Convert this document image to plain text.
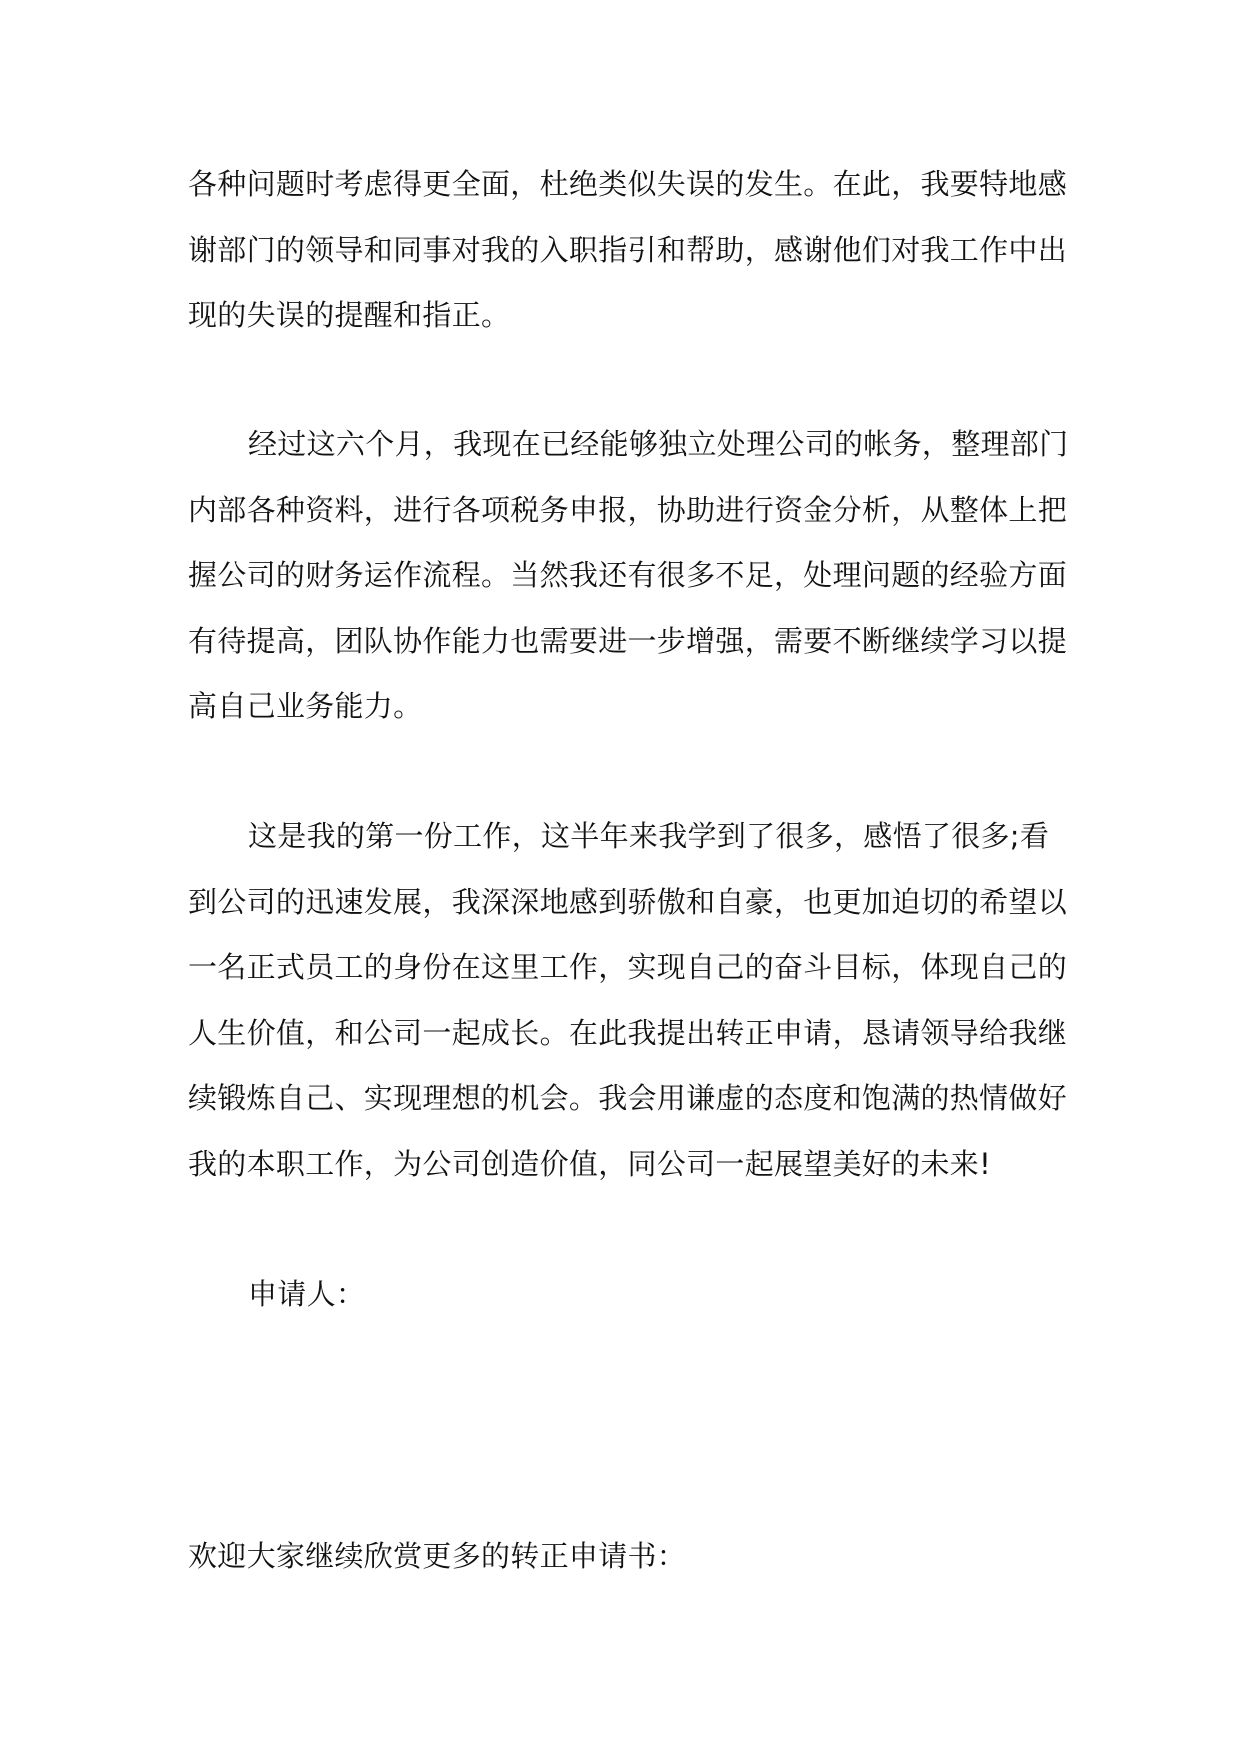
各种问题时考虑得更全面，杜绝类似失误的发生。在此，我要特地感
谢部门的领导和同事对我的入职指引和帮助，感谢他们对我工作中出
现的失误的提醒和指正。
经过这六个月，我现在已经能够独立处理公司的帐务，整理部门
内部各种资料，进行各项税务申报，协助进行资金分析，从整体上把
握公司的财务运作流程。当然我还有很多不足，处理问题的经验方面
有待提高，团队协作能力也需要进一步增强，需要不断继续学习以提
高自己业务能力。
这是我的第一份工作，这半年来我学到了很多，感悟了很多;看
到公司的迅速发展，我深深地感到骄傲和自豪，也更加迫切的希望以
一名正式员工的身份在这里工作，实现自己的奋斗目标，体现自己的
人生价值，和公司一起成长。在此我提出转正申请，恳请领导给我继
续锻炼自己、实现理想的机会。我会用谦虚的态度和饱满的热情做好
我的本职工作，为公司创造价值，同公司一起展望美好的未来!
申请人：
欢迎大家继续欣赏更多的转正申请书：
